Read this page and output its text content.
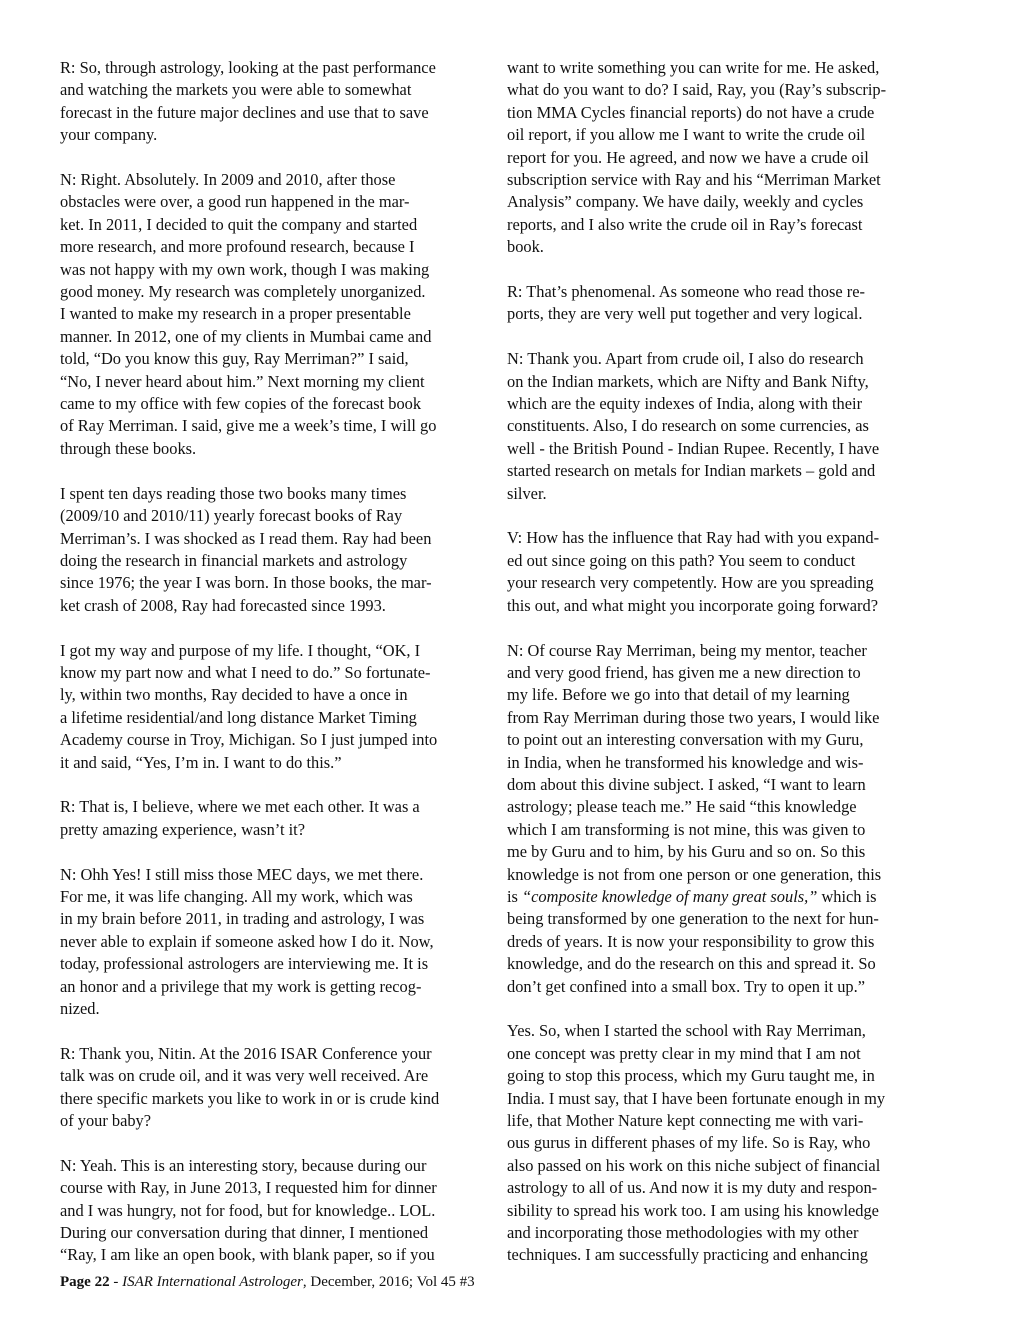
R: So, through astrology, looking at the past performance
and watching the markets you were able to somewhat
forecast in the future major declines and use that to save
your company.

N: Right. Absolutely. In 2009 and 2010, after those
obstacles were over, a good run happened in the mar-
ket. In 2011, I decided to quit the company and started
more research, and more profound research, because I
was not happy with my own work, though I was making
good money. My research was completely unorganized.
I wanted to make my research in a proper presentable
manner. In 2012, one of my clients in Mumbai came and
told, “Do you know this guy, Ray Merriman?” I said,
“No, I never heard about him.” Next morning my client
came to my office with few copies of the forecast book
of Ray Merriman. I said, give me a week’s time, I will go
through these books.

I spent ten days reading those two books many times
(2009/10 and 2010/11) yearly forecast books of Ray
Merriman’s. I was shocked as I read them. Ray had been
doing the research in financial markets and astrology
since 1976; the year I was born. In those books, the mar-
ket crash of 2008, Ray had forecasted since 1993.

I got my way and purpose of my life. I thought, “OK, I
know my part now and what I need to do.” So fortunate-
ly, within two months, Ray decided to have a once in
a lifetime residential/and long distance Market Timing
Academy course in Troy, Michigan. So I just jumped into
it and said, “Yes, I’m in. I want to do this.”

R: That is, I believe, where we met each other. It was a
pretty amazing experience, wasn’t it?

N: Ohh Yes! I still miss those MEC days, we met there.
For me, it was life changing. All my work, which was
in my brain before 2011, in trading and astrology, I was
never able to explain if someone asked how I do it. Now,
today, professional astrologers are interviewing me. It is
an honor and a privilege that my work is getting recog-
nized.

R: Thank you, Nitin. At the 2016 ISAR Conference your
talk was on crude oil, and it was very well received. Are
there specific markets you like to work in or is crude kind
of your baby?

N: Yeah. This is an interesting story, because during our
course with Ray, in June 2013, I requested him for dinner
and I was hungry, not for food, but for knowledge.. LOL.
During our conversation during that dinner, I mentioned
“Ray, I am like an open book, with blank paper, so if you

want to write something you can write for me. He asked,
what do you want to do? I said, Ray, you (Ray’s subscrip-
tion MMA Cycles financial reports) do not have a crude
oil report, if you allow me I want to write the crude oil
report for you. He agreed, and now we have a crude oil
subscription service with Ray and his “Merriman Market
Analysis” company. We have daily, weekly and cycles
reports, and I also write the crude oil in Ray’s forecast
book.

R: That’s phenomenal. As someone who read those re-
ports, they are very well put together and very logical.

N: Thank you. Apart from crude oil, I also do research
on the Indian markets, which are Nifty and Bank Nifty,
which are the equity indexes of India, along with their
constituents. Also, I do research on some currencies, as
well - the British Pound - Indian Rupee. Recently, I have
started research on metals for Indian markets – gold and
silver.

V: How has the influence that Ray had with you expand-
ed out since going on this path? You seem to conduct
your research very competently. How are you spreading
this out, and what might you incorporate going forward?

N: Of course Ray Merriman, being my mentor, teacher
and very good friend, has given me a new direction to
my life. Before we go into that detail of my learning
from Ray Merriman during those two years, I would like
to point out an interesting conversation with my Guru,
in India, when he transformed his knowledge and wis-
dom about this divine subject. I asked, “I want to learn
astrology; please teach me.” He said “this knowledge
which I am transforming is not mine, this was given to
me by Guru and to him, by his Guru and so on. So this
knowledge is not from one person or one generation, this
is “composite knowledge of many great souls,” which is
being transformed by one generation to the next for hun-
dreds of years. It is now your responsibility to grow this
knowledge, and do the research on this and spread it. So
don’t get confined into a small box. Try to open it up.”

Yes. So, when I started the school with Ray Merriman,
one concept was pretty clear in my mind that I am not
going to stop this process, which my Guru taught me, in
India. I must say, that I have been fortunate enough in my
life, that Mother Nature kept connecting me with vari-
ous gurus in different phases of my life. So is Ray, who
also passed on his work on this niche subject of financial
astrology to all of us. And now it is my duty and respon-
sibility to spread his work too. I am using his knowledge
and incorporating those methodologies with my other
techniques. I am successfully practicing and enhancing

Page 22 - ISAR International Astrologer, December, 2016; Vol 45 #3
